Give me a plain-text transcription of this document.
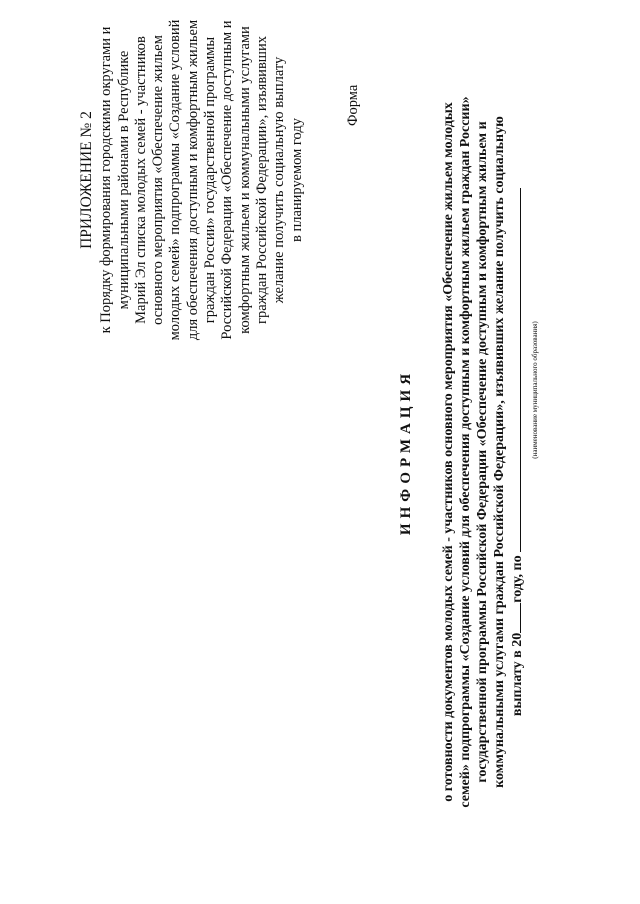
ПРИЛОЖЕНИЕ № 2 к Порядку формирования городскими округами и муниципальными районами в Республике Марий Эл списка молодых семей - участников основного мероприятия «Обеспечение жильем молодых семей» подпрограммы «Создание условий для обеспечения доступным и комфортным жильем граждан России» государственной программы Российской Федерации «Обеспечение доступным и комфортным жильем и коммунальными услугами граждан Российской Федерации», изъявивших желание получить социальную выплату в планируемом году
Форма
ИНФОРМАЦИЯ о готовности документов молодых семей - участников основного мероприятия «Обеспечение жильем молодых семей» подпрограммы «Создание условий для обеспечения доступным и комфортным жильем граждан России» государственной программы Российской Федерации «Обеспечение доступным и комфортным жильем и коммунальными услугами граждан Российской Федерации», изъявивших желание получить социальную выплату в 20году, по
(наименование муниципального образования)
